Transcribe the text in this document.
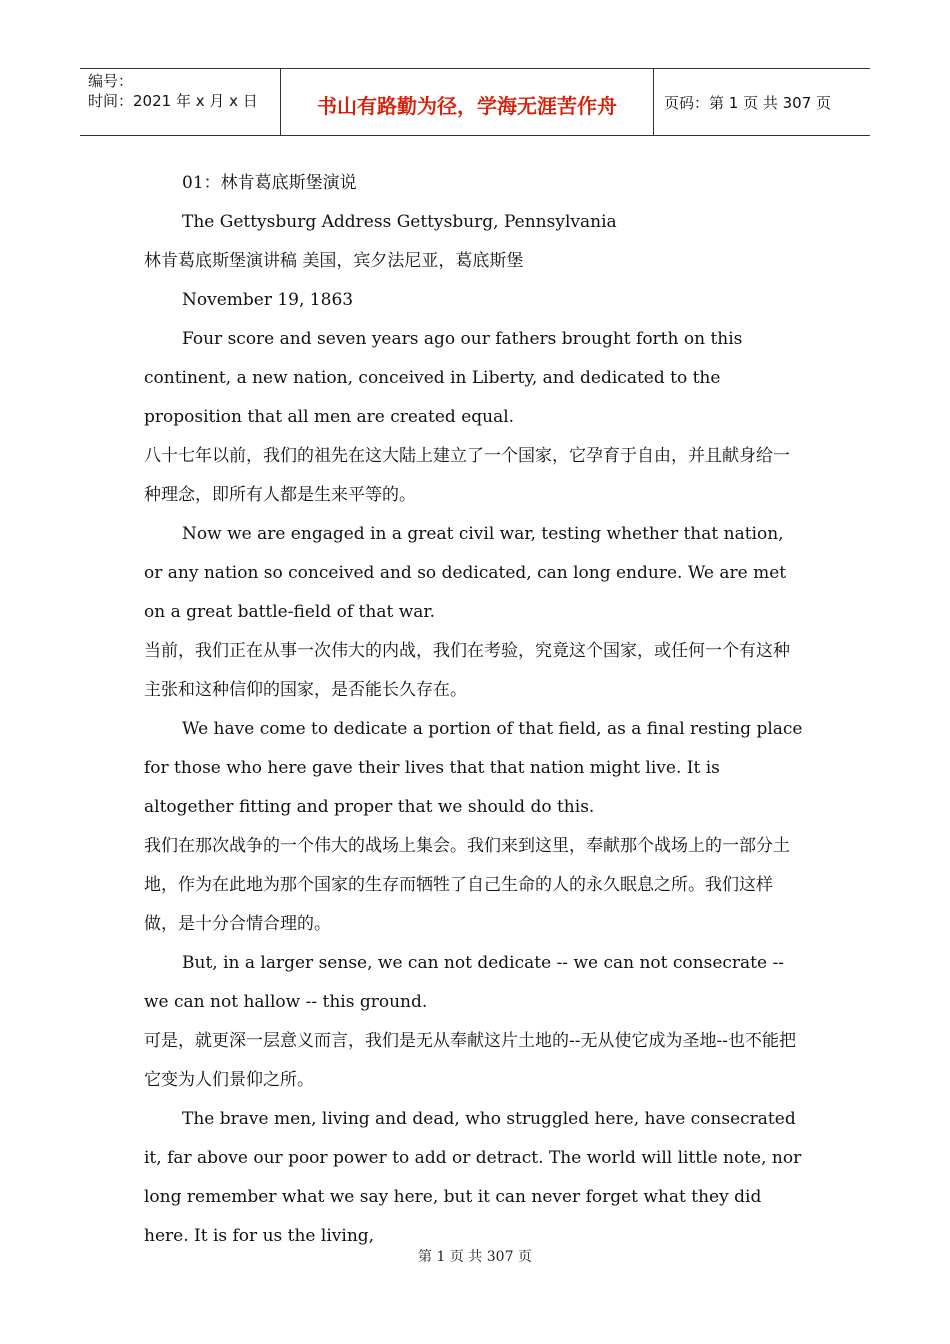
编号：
时间：2021 年 x 月 x 日	书山有路勤为径，学海无涯苦作舟	页码：第 1 页 共 307 页

01：林肯葛底斯堡演说

The Gettysburg Address Gettysburg, Pennsylvania

林肯葛底斯堡演讲稿 美国，宾夕法尼亚，葛底斯堡

November 19, 1863

Four score and seven years ago our fathers brought forth on this continent, a new nation, conceived in Liberty, and dedicated to the proposition that all men are created equal.

八十七年以前，我们的祖先在这大陆上建立了一个国家，它孕育于自由，并且献身给一种理念，即所有人都是生来平等的。

Now we are engaged in a great civil war, testing whether that nation, or any nation so conceived and so dedicated, can long endure. We are met on a great battle-field of that war.

当前，我们正在从事一次伟大的内战，我们在考验，究竟这个国家，或任何一个有这种主张和这种信仰的国家，是否能长久存在。

We have come to dedicate a portion of that field, as a final resting place for those who here gave their lives that that nation might live. It is altogether fitting and proper that we should do this.

我们在那次战争的一个伟大的战场上集会。我们来到这里，奉献那个战场上的一部分土地，作为在此地为那个国家的生存而牺牲了自己生命的人的永久眠息之所。我们这样做，是十分合情合理的。

But, in a larger sense, we can not dedicate -- we can not consecrate -- we can not hallow -- this ground.

可是，就更深一层意义而言，我们是无从奉献这片土地的--无从使它成为圣地--也不能把它变为人们景仰之所。

The brave men, living and dead, who struggled here, have consecrated it, far above our poor power to add or detract. The world will little note, nor long remember what we say here, but it can never forget what they did here. It is for us the living,

第 1 页 共 307 页
